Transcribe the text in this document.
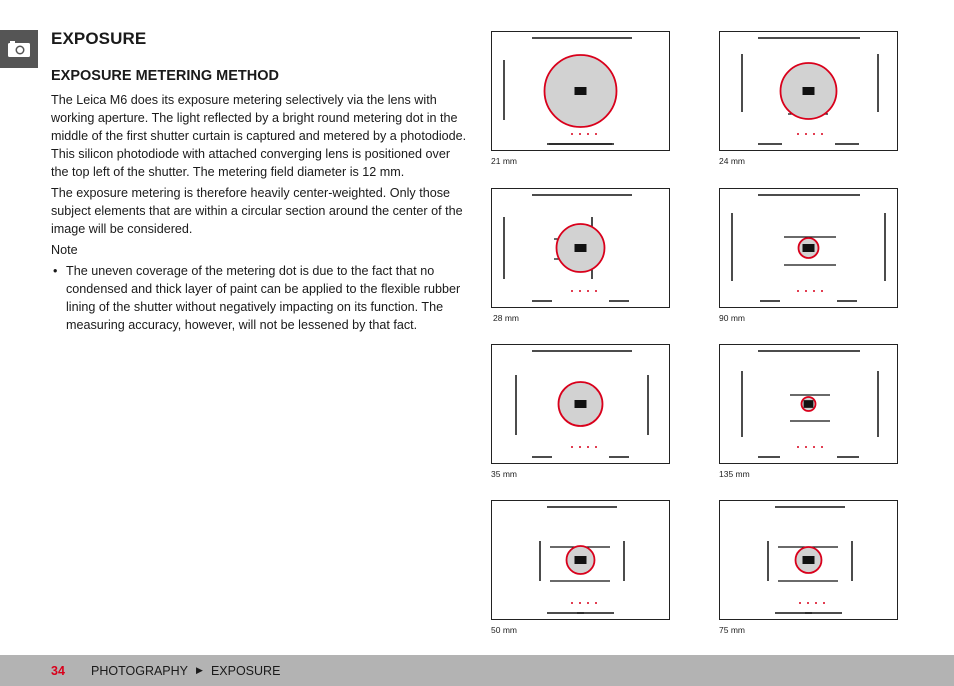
EXPOSURE
EXPOSURE METERING METHOD

The Leica M6 does its exposure metering selectively via the lens with working aperture. The light reflected by a bright round metering dot in the middle of the first shutter curtain is captured and metered by a photodiode. This silicon photodiode with attached converging lens is positioned over the top left of the shutter. The metering field diameter is 12 mm.

The exposure metering is therefore heavily center-weighted. Only those subject elements that are within a circular section around the center of the image will be considered.

Note

• The uneven coverage of the metering dot is due to the fact that no condensed and thick layer of paint can be applied to the flexible rubber lining of the shutter without negatively impacting on its function. The measuring accuracy, however, will not be lessened by that fact.
21 mm	24 mm
28 mm	90 mm
35 mm	135 mm
50 mm	75 mm
34	PHOTOGRAPHY ▶ EXPOSURE
